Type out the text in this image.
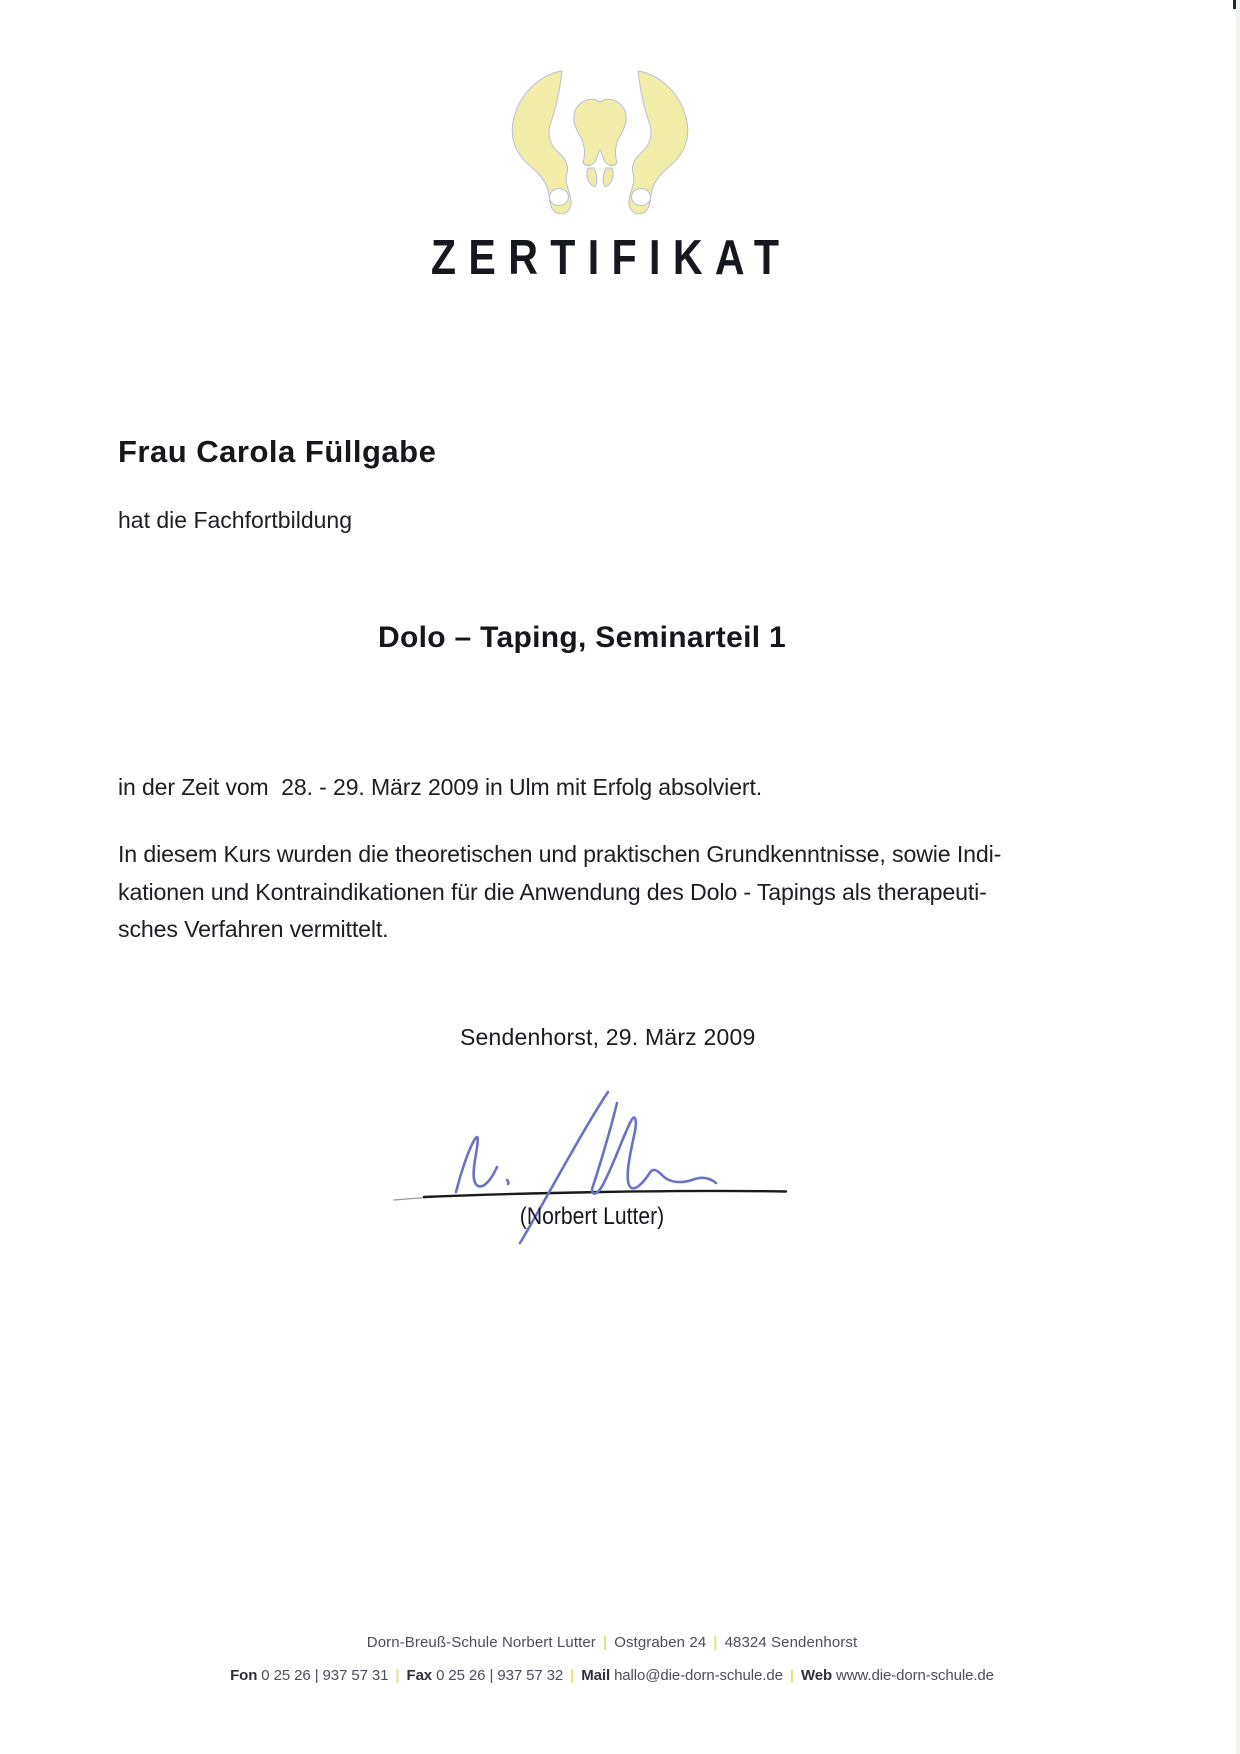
ZERTIFIKAT
Frau Carola Füllgabe
hat die Fachfortbildung
Dolo – Taping, Seminarteil 1
in der Zeit vom  28. - 29. März 2009 in Ulm mit Erfolg absolviert.
In diesem Kurs wurden die theoretischen und praktischen Grundkenntnisse, sowie Indi-
kationen und Kontraindikationen für die Anwendung des Dolo - Tapings als therapeuti-
sches Verfahren vermittelt.
Sendenhorst, 29. März 2009
(Norbert Lutter)
Dorn-Breuß-Schule Norbert Lutter | Ostgraben 24 | 48324 Sendenhorst
Fon 0 25 26 | 937 57 31 | Fax 0 25 26 | 937 57 32 | Mail hallo@die-dorn-schule.de | Web www.die-dorn-schule.de
